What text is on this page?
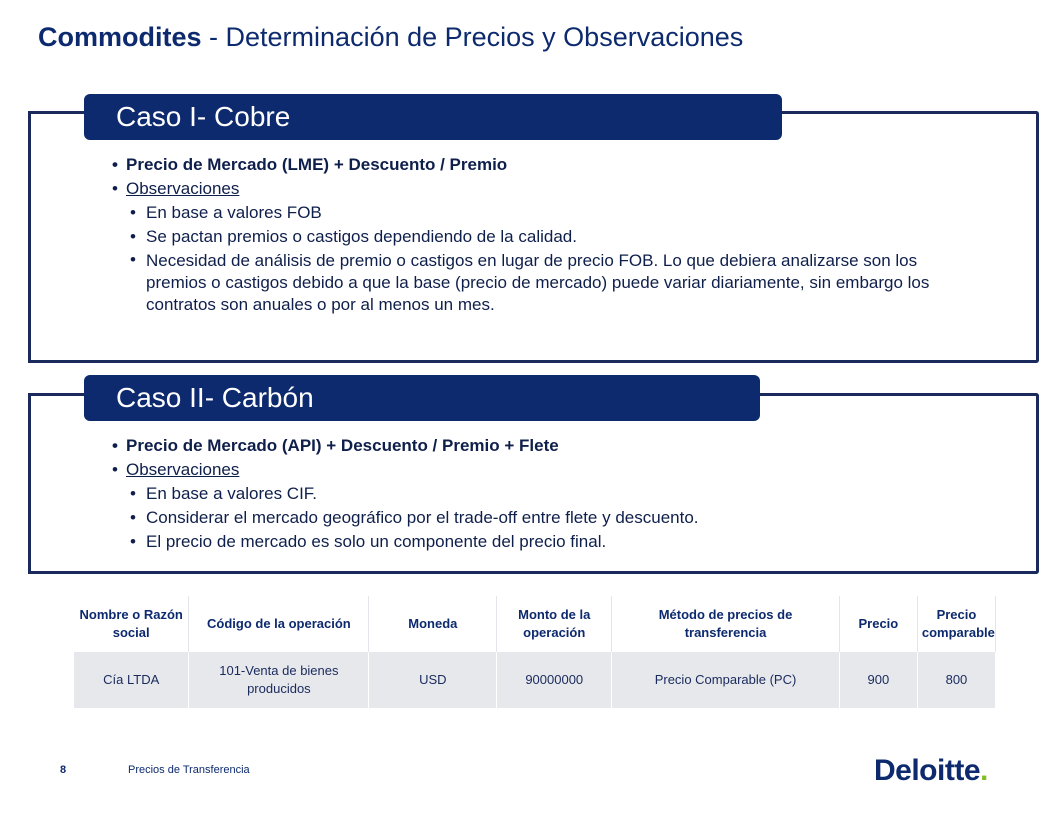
Commodites - Determinación de Precios y Observaciones
Caso I- Cobre
• Precio de Mercado (LME) + Descuento / Premio
• Observaciones
• En base a valores FOB
• Se pactan premios o castigos dependiendo de la calidad.
• Necesidad de análisis de premio o castigos en lugar de precio FOB. Lo que debiera analizarse son los premios o castigos debido a que la base (precio de mercado) puede variar diariamente, sin embargo los contratos son anuales o por al menos un mes.
Caso II- Carbón
• Precio de Mercado (API) + Descuento / Premio + Flete
• Observaciones
• En base a valores CIF.
• Considerar el mercado geográfico por el trade-off entre flete y descuento.
• El precio de mercado es solo un componente del precio final.
Nombre o Razón social	Código de la operación	Moneda	Monto de la operación	Método de precios de transferencia	Precio	Precio comparable
Cía LTDA	101-Venta de bienes producidos	USD	90000000	Precio Comparable (PC)	900	800
8	Precios de Transferencia	Deloitte.
